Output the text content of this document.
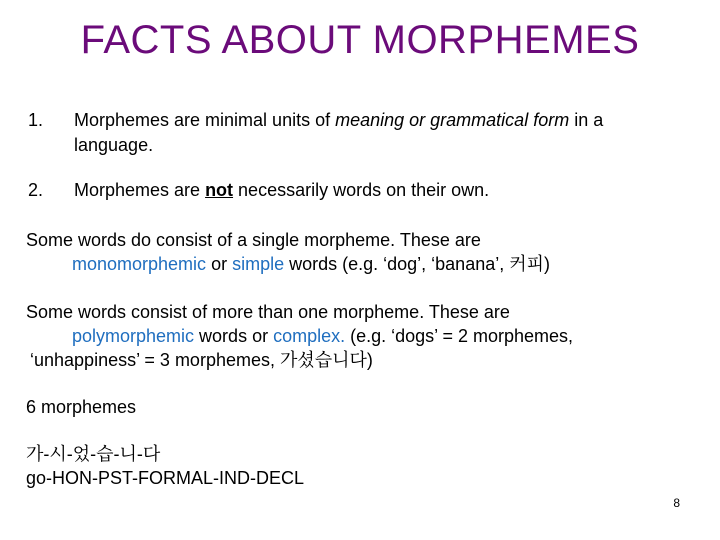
FACTS ABOUT MORPHEMES
1. Morphemes are minimal units of meaning or grammatical form in a
language.
2. Morphemes are not necessarily words on their own.
Some words do consist of a single morpheme. These are
monomorphemic or simple words (e.g. ‘dog’, ‘banana’, 커피)
Some words consist of more than one morpheme. These are
polymorphemic words or complex. (e.g. ‘dogs’ = 2 morphemes,
‘unhappiness’ = 3 morphemes, 가셨습니다)
6 morphemes
가-시-었-습-니-다
go-HON-PST-FORMAL-IND-DECL
8
